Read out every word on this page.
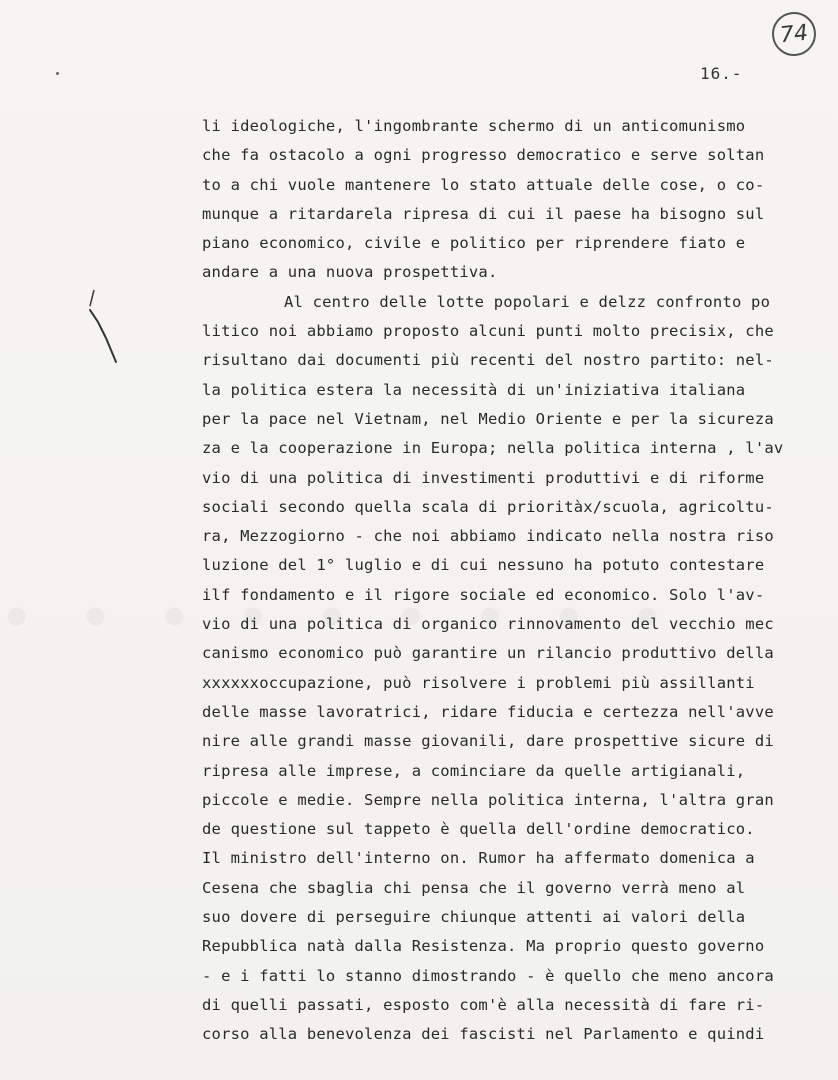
74
16.-
li ideologiche, l'ingombrante schermo di un anticomunismo
che fa ostacolo a ogni progresso democratico e serve soltan
to a chi vuole mantenere lo stato attuale delle cose, o co-
munque a ritardarela ripresa di cui il paese ha bisogno sul
piano economico, civile e politico per riprendere fiato e
andare a una nuova prospettiva.
Al centro delle lotte popolari e delzz confronto po
litico noi abbiamo proposto alcuni punti molto precisix, che
risultano dai documenti più recenti del nostro partito: nel-
la politica estera la necessità di un'iniziativa italiana
per la pace nel Vietnam, nel Medio Oriente e per la sicureza
za e la cooperazione in Europa; nella politica interna , l'av
vio di una politica di investimenti produttivi e di riforme
sociali secondo quella scala di prioritàx/scuola, agricoltu-
ra, Mezzogiorno - che noi abbiamo indicato nella nostra riso
luzione del 1° luglio e di cui nessuno ha potuto contestare
ilf fondamento e il rigore sociale ed economico. Solo l'av-
vio di una politica di organico rinnovamento del vecchio mec
canismo economico può garantire un rilancio produttivo della
xxxxxxoccupazione, può risolvere i problemi più assillanti
delle masse lavoratrici, ridare fiducia e certezza nell'avve
nire alle grandi masse giovanili, dare prospettive sicure di
ripresa alle imprese, a cominciare da quelle artigianali,
piccole e medie. Sempre nella politica interna, l'altra gran
de questione sul tappeto è quella dell'ordine democratico.
Il ministro dell'interno on. Rumor ha affermato domenica a
Cesena che sbaglia chi pensa che il governo verrà meno al
suo dovere di perseguire chiunque attenti ai valori della
Repubblica natà dalla Resistenza. Ma proprio questo governo
- e i fatti lo stanno dimostrando - è quello che meno ancora
di quelli passati, esposto com'è alla necessità di fare ri-
corso alla benevolenza dei fascisti nel Parlamento e quindi
